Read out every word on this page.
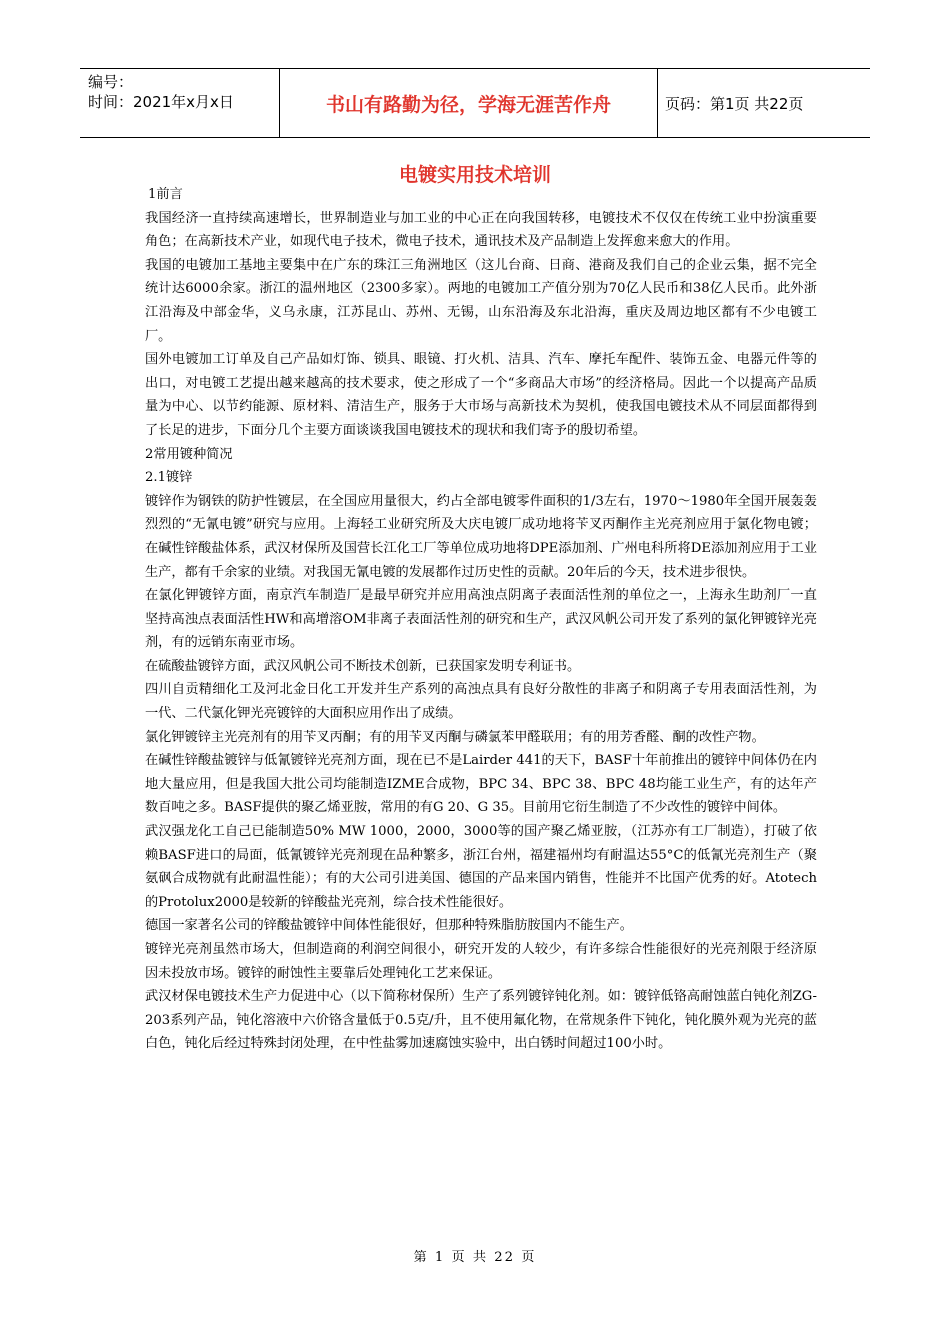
编号：
时间：2021年x月x日	书山有路勤为径，学海无涯苦作舟	页码：第1页 共22页
电镀实用技术培训

1前言

我国经济一直持续高速增长，世界制造业与加工业的中心正在向我国转移，电镀技术不仅仅在传统工业中扮演重要角色；在高新技术产业，如现代电子技术，微电子技术，通讯技术及产品制造上发挥愈来愈大的作用。

我国的电镀加工基地主要集中在广东的珠江三角洲地区（这儿台商、日商、港商及我们自己的企业云集，据不完全统计达6000余家。浙江的温州地区（2300多家）。两地的电镀加工产值分别为70亿人民币和38亿人民币。此外浙江沿海及中部金华，义乌永康，江苏昆山、苏州、无锡，山东沿海及东北沿海，重庆及周边地区都有不少电镀工厂。

国外电镀加工订单及自己产品如灯饰、锁具、眼镜、打火机、洁具、汽车、摩托车配件、装饰五金、电器元件等的出口，对电镀工艺提出越来越高的技术要求，使之形成了一个“多商品大市场”的经济格局。因此一个以提高产品质量为中心、以节约能源、原材料、清洁生产，服务于大市场与高新技术为契机，使我国电镀技术从不同层面都得到了长足的进步，下面分几个主要方面谈谈我国电镀技术的现状和我们寄予的殷切希望。

2常用镀种简况

2.1镀锌

镀锌作为钢铁的防护性镀层，在全国应用量很大，约占全部电镀零件面积的1/3左右，1970～1980年全国开展轰轰烈烈的“无氰电镀”研究与应用。上海轻工业研究所及大庆电镀厂成功地将苄叉丙酮作主光亮剂应用于氯化物电镀；在碱性锌酸盐体系，武汉材保所及国营长江化工厂等单位成功地将DPE添加剂、广州电科所将DE添加剂应用于工业生产，都有千余家的业绩。对我国无氰电镀的发展都作过历史性的贡献。20年后的今天，技术进步很快。

在氯化钾镀锌方面，南京汽车制造厂是最早研究并应用高浊点阴离子表面活性剂的单位之一，上海永生助剂厂一直坚持高浊点表面活性HW和高增溶OM非离子表面活性剂的研究和生产，武汉风帆公司开发了系列的氯化钾镀锌光亮剂，有的远销东南亚市场。

在硫酸盐镀锌方面，武汉风帆公司不断技术创新，已获国家发明专利证书。

四川自贡精细化工及河北金日化工开发并生产系列的高浊点具有良好分散性的非离子和阴离子专用表面活性剂，为一代、二代氯化钾光亮镀锌的大面积应用作出了成绩。

氯化钾镀锌主光亮剂有的用苄叉丙酮；有的用苄叉丙酮与磷氯苯甲醛联用；有的用芳香醛、酮的改性产物。

在碱性锌酸盐镀锌与低氰镀锌光亮剂方面，现在已不是Lairder 441的天下，BASF十年前推出的镀锌中间体仍在内地大量应用，但是我国大批公司均能制造IZME合成物，BPC 34、BPC 38、BPC 48均能工业生产，有的达年产数百吨之多。BASF提供的聚乙烯亚胺，常用的有G 20、G 35。目前用它衍生制造了不少改性的镀锌中间体。

武汉强龙化工自己已能制造50% MW 1000，2000，3000等的国产聚乙烯亚胺，（江苏亦有工厂制造），打破了依赖BASF进口的局面，低氰镀锌光亮剂现在品种繁多，浙江台州，福建福州均有耐温达55°C的低氰光亮剂生产（聚氨砜合成物就有此耐温性能）；有的大公司引进美国、德国的产品来国内销售，性能并不比国产优秀的好。Atotech的Protolux2000是较新的锌酸盐光亮剂，综合技术性能很好。

德国一家著名公司的锌酸盐镀锌中间体性能很好，但那种特殊脂肪胺国内不能生产。

镀锌光亮剂虽然市场大，但制造商的利润空间很小，研究开发的人较少，有许多综合性能很好的光亮剂限于经济原因未投放市场。镀锌的耐蚀性主要靠后处理钝化工艺来保证。

武汉材保电镀技术生产力促进中心（以下简称材保所）生产了系列镀锌钝化剂。如：镀锌低铬高耐蚀蓝白钝化剂ZG-203系列产品，钝化溶液中六价铬含量低于0.5克/升，且不使用氟化物，在常规条件下钝化，钝化膜外观为光亮的蓝白色，钝化后经过特殊封闭处理，在中性盐雾加速腐蚀实验中，出白锈时间超过100小时。

第 1 页 共 22 页
